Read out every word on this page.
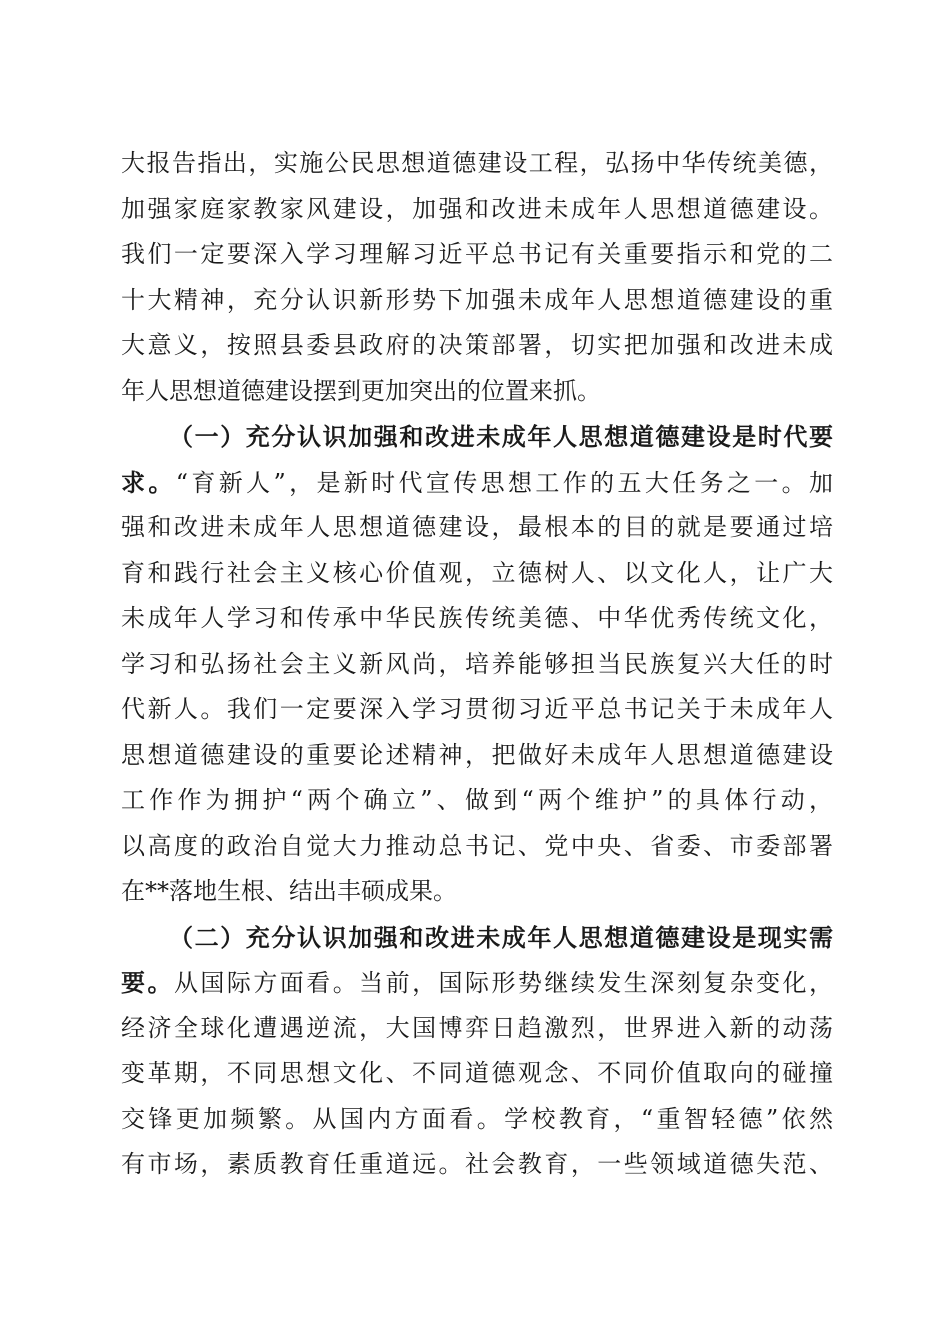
大报告指出，实施公民思想道德建设工程，弘扬中华传统美德，
加强家庭家教家风建设，加强和改进未成年人思想道德建设。
我们一定要深入学习理解习近平总书记有关重要指示和党的二
十大精神，充分认识新形势下加强未成年人思想道德建设的重
大意义，按照县委县政府的决策部署，切实把加强和改进未成
年人思想道德建设摆到更加突出的位置来抓。
（一）充分认识加强和改进未成年人思想道德建设是时代要
求。“育新人”，是新时代宣传思想工作的五大任务之一。加
强和改进未成年人思想道德建设，最根本的目的就是要通过培
育和践行社会主义核心价值观，立德树人、以文化人，让广大
未成年人学习和传承中华民族传统美德、中华优秀传统文化，
学习和弘扬社会主义新风尚，培养能够担当民族复兴大任的时
代新人。我们一定要深入学习贯彻习近平总书记关于未成年人
思想道德建设的重要论述精神，把做好未成年人思想道德建设
工作作为拥护“两个确立”、做到“两个维护”的具体行动，
以高度的政治自觉大力推动总书记、党中央、省委、市委部署
在**落地生根、结出丰硕成果。
（二）充分认识加强和改进未成年人思想道德建设是现实需
要。从国际方面看。当前，国际形势继续发生深刻复杂变化，
经济全球化遭遇逆流，大国博弈日趋激烈，世界进入新的动荡
变革期，不同思想文化、不同道德观念、不同价值取向的碰撞
交锋更加频繁。从国内方面看。学校教育，“重智轻德”依然
有市场，素质教育任重道远。社会教育，一些领域道德失范、
